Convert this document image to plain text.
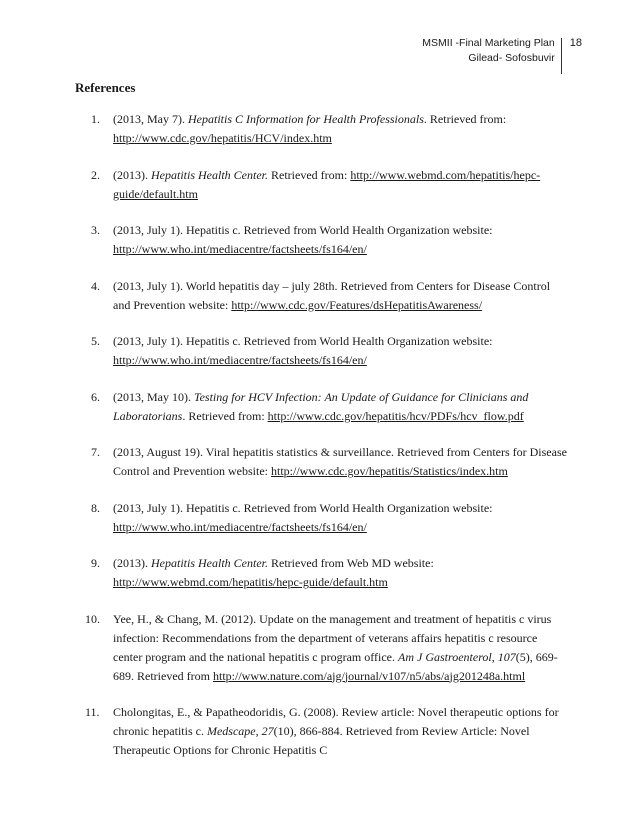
MSMII -Final Marketing Plan
Gilead- Sofosbuvir
18
References
1. (2013, May 7). Hepatitis C Information for Health Professionals. Retrieved from: http://www.cdc.gov/hepatitis/HCV/index.htm
2. (2013). Hepatitis Health Center. Retrieved from: http://www.webmd.com/hepatitis/hepc-guide/default.htm
3. (2013, July 1). Hepatitis c. Retrieved from World Health Organization website: http://www.who.int/mediacentre/factsheets/fs164/en/
4. (2013, July 1). World hepatitis day – july 28th. Retrieved from Centers for Disease Control and Prevention website: http://www.cdc.gov/Features/dsHepatitisAwareness/
5. (2013, July 1). Hepatitis c. Retrieved from World Health Organization website: http://www.who.int/mediacentre/factsheets/fs164/en/
6. (2013, May 10). Testing for HCV Infection: An Update of Guidance for Clinicians and Laboratorians. Retrieved from: http://www.cdc.gov/hepatitis/hcv/PDFs/hcv_flow.pdf
7. (2013, August 19). Viral hepatitis statistics & surveillance. Retrieved from Centers for Disease Control and Prevention website: http://www.cdc.gov/hepatitis/Statistics/index.htm
8. (2013, July 1). Hepatitis c. Retrieved from World Health Organization website: http://www.who.int/mediacentre/factsheets/fs164/en/
9. (2013). Hepatitis Health Center. Retrieved from Web MD website: http://www.webmd.com/hepatitis/hepc-guide/default.htm
10. Yee, H., & Chang, M. (2012). Update on the management and treatment of hepatitis c virus infection: Recommendations from the department of veterans affairs hepatitis c resource center program and the national hepatitis c program office. Am J Gastroenterol, 107(5), 669-689. Retrieved from http://www.nature.com/ajg/journal/v107/n5/abs/ajg201248a.html
11. Cholongitas, E., & Papatheodoridis, G. (2008). Review article: Novel therapeutic options for chronic hepatitis c. Medscape, 27(10), 866-884. Retrieved from Review Article: Novel Therapeutic Options for Chronic Hepatitis C
